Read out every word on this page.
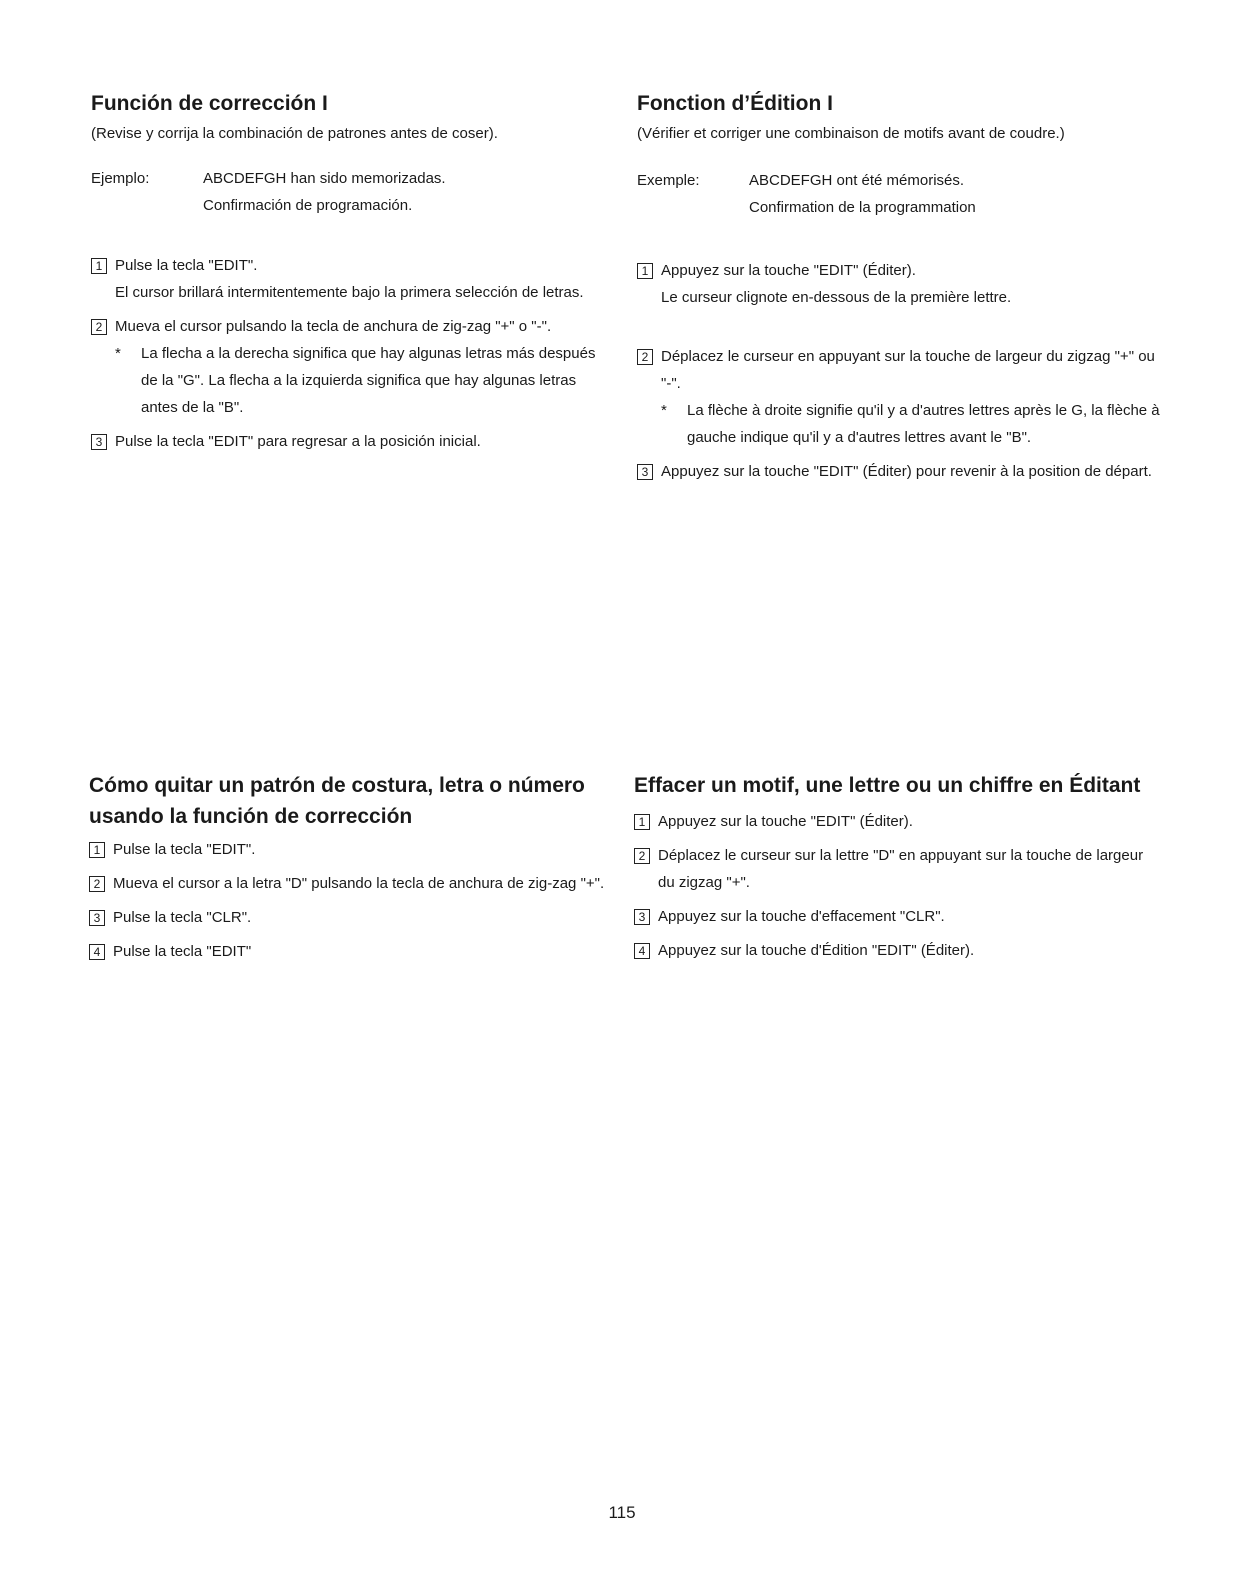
Función de corrección I
(Revise y corrija la combinación de patrones antes de coser).
Ejemplo:	ABCDEFGH han sido memorizadas.
Confirmación de programación.
1 Pulse la tecla "EDIT".
El cursor brillará intermitentemente bajo la primera selección de letras.
2 Mueva el cursor pulsando la tecla de anchura de zig-zag "+" o "-".
* La flecha a la derecha significa que hay algunas letras más después de la "G". La flecha a la izquierda significa que hay algunas letras antes de la "B".
3 Pulse la tecla "EDIT" para regresar a la posición inicial.
Fonction d’Édition I
(Vérifier et corriger une combinaison de motifs avant de coudre.)
Exemple:	ABCDEFGH ont été mémorisés.
Confirmation de la programmation
1 Appuyez sur la touche "EDIT" (Éditer).
Le curseur clignote en-dessous de la première lettre.
2 Déplacez le curseur en appuyant sur la touche de largeur du zigzag "+" ou "-".
* La flèche à droite signifie qu'il y a d'autres lettres après le G, la flèche à gauche indique qu'il y a d'autres lettres avant le "B".
3 Appuyez sur la touche "EDIT" (Éditer) pour revenir à la position de départ.
Cómo quitar un patrón de costura, letra o número usando la función de corrección
1 Pulse la tecla "EDIT".
2 Mueva el cursor a la letra "D" pulsando la tecla de anchura de zig-zag "+".
3 Pulse la tecla "CLR".
4 Pulse la tecla "EDIT"
Effacer un motif, une lettre ou un chiffre en Éditant
1 Appuyez sur la touche "EDIT" (Éditer).
2 Déplacez le curseur sur la lettre "D" en appuyant sur la touche de largeur du zigzag "+".
3 Appuyez sur la touche d'effacement "CLR".
4 Appuyez sur la touche d'Édition "EDIT" (Éditer).
115
